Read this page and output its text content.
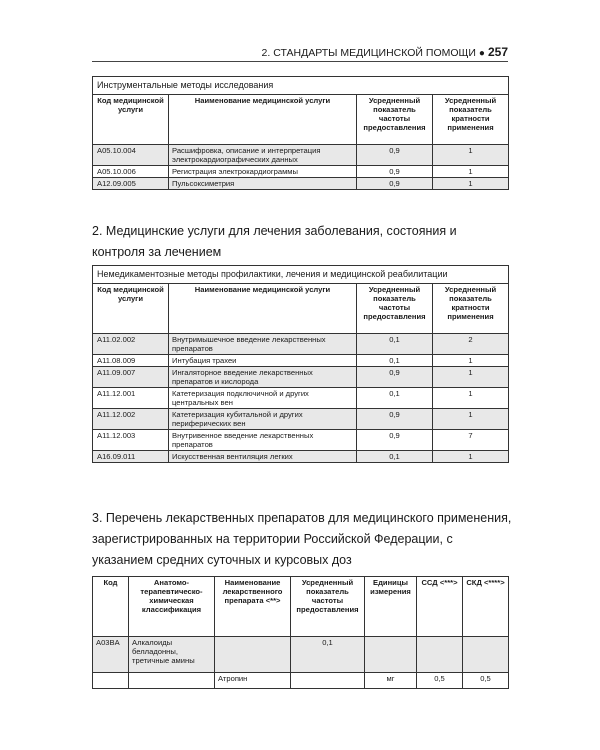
2. СТАНДАРТЫ МЕДИЦИНСКОЙ ПОМОЩИ ● 257
Инструментальные методы исследования			
Код медицинской услуги	Наименование медицинской услуги	Усредненный показатель частоты предоставления	Усредненный показатель кратности применения
A05.10.004	Расшифровка, описание и интерпретация электрокардиографических данных	0,9	1
A05.10.006	Регистрация электрокардиограммы	0,9	1
A12.09.005	Пульсоксиметрия	0,9	1

2. Медицинские услуги для лечения заболевания, состояния и контроля за лечением

Немедикаментозные методы профилактики, лечения и медицинской реабилитации			
Код медицинской услуги	Наименование медицинской услуги	Усредненный показатель частоты предоставления	Усредненный показатель кратности применения
A11.02.002	Внутримышечное введение лекарственных препаратов	0,1	2
A11.08.009	Интубация трахеи	0,1	1
A11.09.007	Ингаляторное введение лекарственных препаратов и кислорода	0,9	1
A11.12.001	Катетеризация подключичной и других центральных вен	0,1	1
A11.12.002	Катетеризация кубитальной и других периферических вен	0,9	1
A11.12.003	Внутривенное введение лекарственных препаратов	0,9	7
A16.09.011	Искусственная вентиляция легких	0,1	1

3. Перечень лекарственных препаратов для медицинского применения, зарегистрированных на территории Российской Федерации, с указанием средних суточных и курсовых доз

Код	Анатомо-терапевтическо-химическая классификация	Наименование лекарственного препарата <**>	Усредненный показатель частоты предоставления	Единицы измерения	ССД <***>	СКД <****>
A03BA	Алкалоиды белладонны, третичные амины		0,1			
		Атропин		мг	0,5	0,5
